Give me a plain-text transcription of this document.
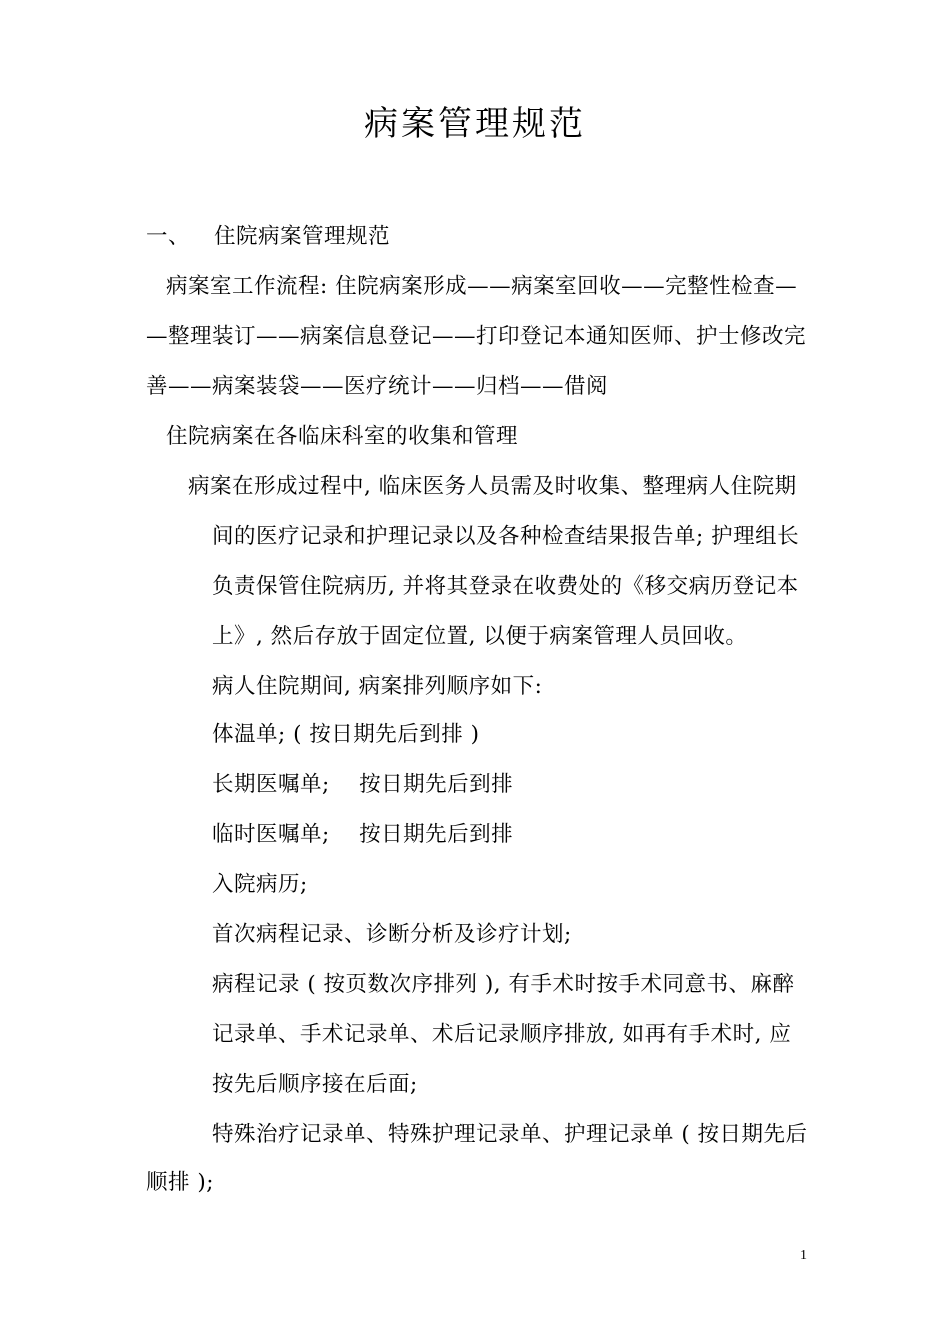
病案管理规范
一、 住院病案管理规范
病案室工作流程: 住院病案形成——病案室回收——完整性检查—
—整理装订——病案信息登记——打印登记本通知医师、护士修改完
善——病案装袋——医疗统计——归档——借阅
住院病案在各临床科室的收集和管理
病案在形成过程中, 临床医务人员需及时收集、整理病人住院期
间的医疗记录和护理记录以及各种检查结果报告单; 护理组长
负责保管住院病历, 并将其登录在收费处的《移交病历登记本
上》, 然后存放于固定位置, 以便于病案管理人员回收。
病人住院期间, 病案排列顺序如下:
体温单; ( 按日期先后到排 )
长期医嘱单;　 按日期先后到排
临时医嘱单;　 按日期先后到排
入院病历;
首次病程记录、诊断分析及诊疗计划;
病程记录 ( 按页数次序排列 ), 有手术时按手术同意书、麻醉
记录单、手术记录单、术后记录顺序排放, 如再有手术时, 应
按先后顺序接在后面;
特殊治疗记录单、特殊护理记录单、护理记录单 ( 按日期先后
顺排 );
1
